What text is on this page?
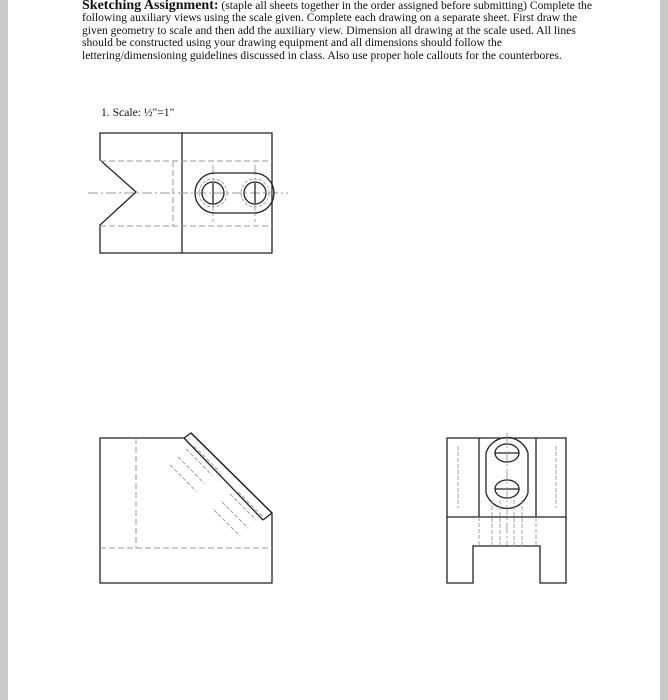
Sketching Assignment: (staple all sheets together in the order assigned before submitting) Complete the following auxiliary views using the scale given. Complete each drawing on a separate sheet. First draw the given geometry to scale and then add the auxiliary view. Dimension all drawing at the scale used. All lines should be constructed using your drawing equipment and all dimensions should follow the lettering/dimensioning guidelines discussed in class. Also use proper hole callouts for the counterbores.
1. Scale: ½"=1"
